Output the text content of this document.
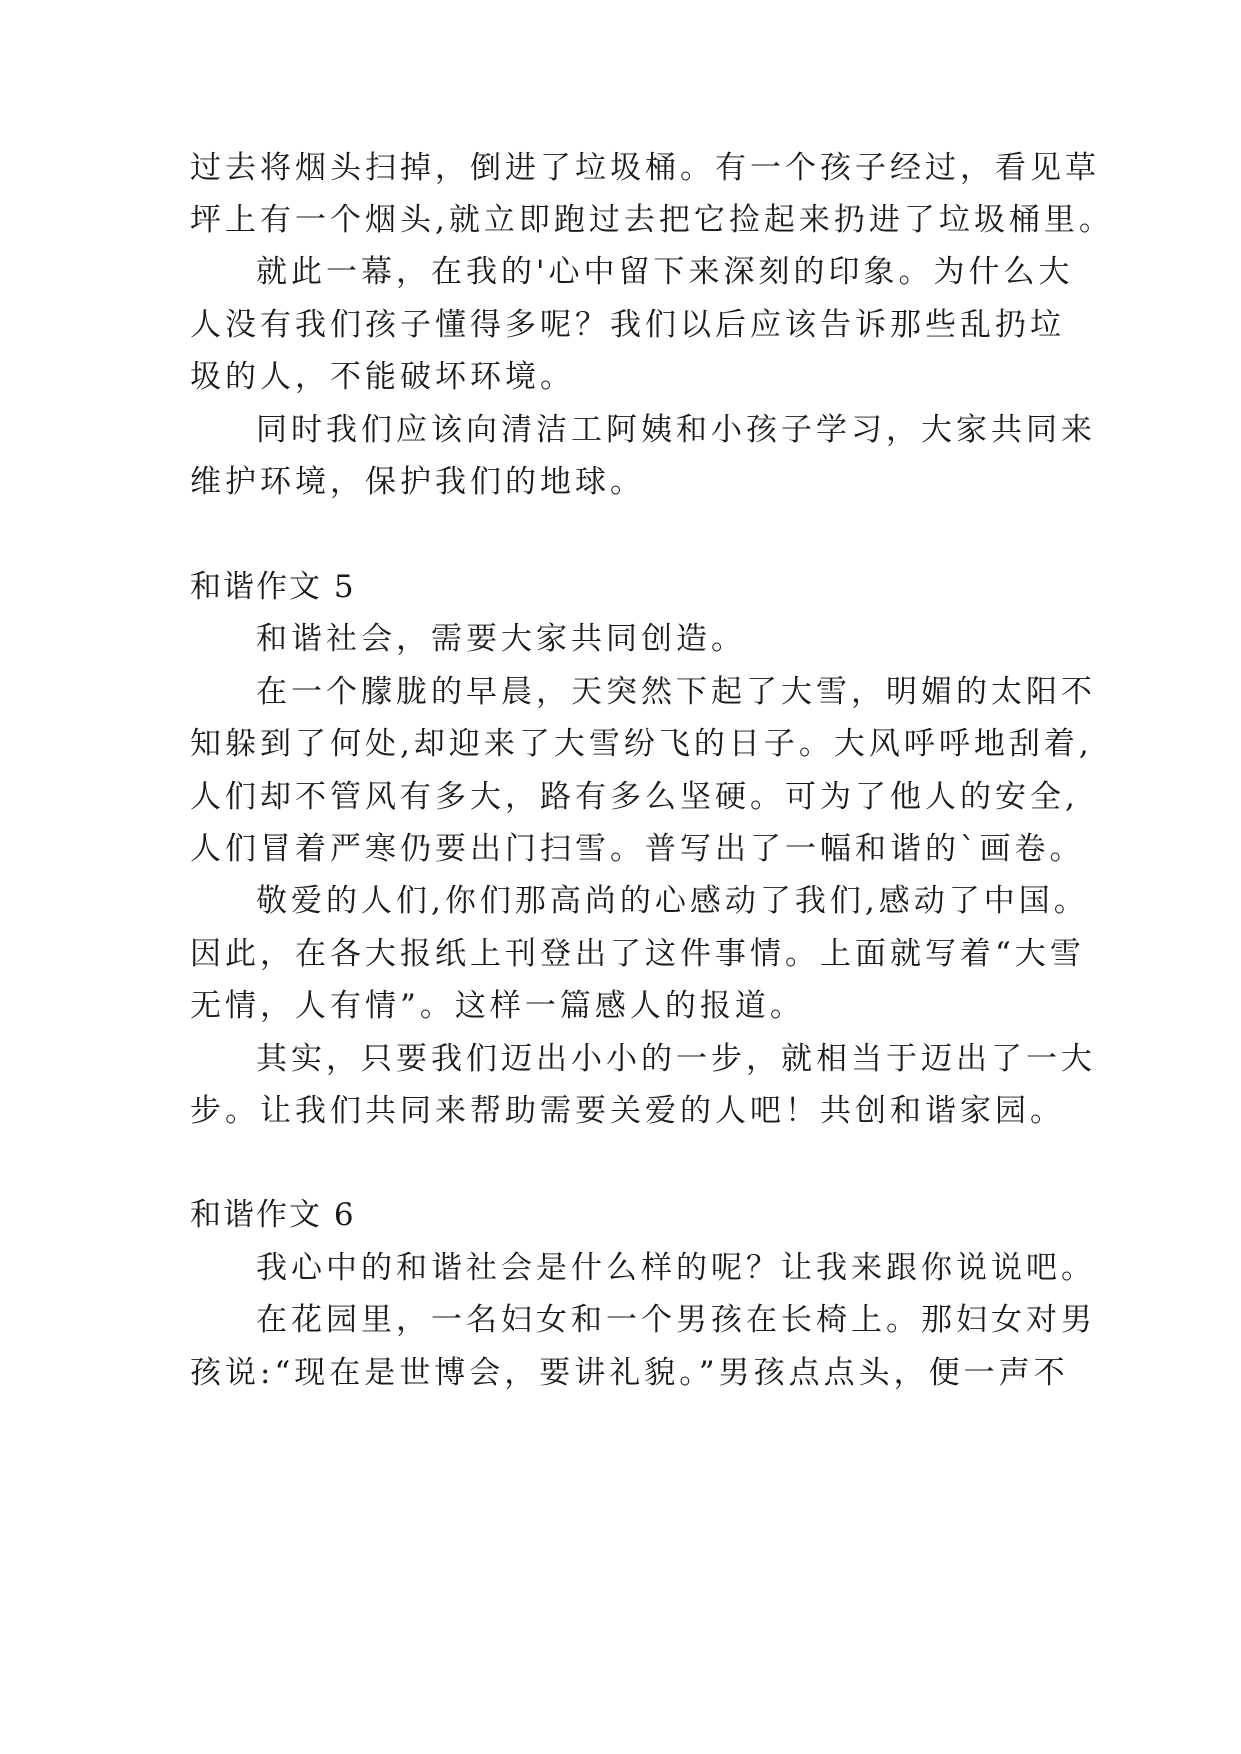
过去将烟头扫掉，倒进了垃圾桶。有一个孩子经过，看见草
坪上有一个烟头,就立即跑过去把它捡起来扔进了垃圾桶里。
就此一幕，在我的'心中留下来深刻的印象。为什么大
人没有我们孩子懂得多呢？我们以后应该告诉那些乱扔垃
圾的人，不能破坏环境。
同时我们应该向清洁工阿姨和小孩子学习，大家共同来
维护环境，保护我们的地球。
和谐作文 5
和谐社会，需要大家共同创造。
在一个朦胧的早晨，天突然下起了大雪，明媚的太阳不
知躲到了何处,却迎来了大雪纷飞的日子。大风呼呼地刮着,
人们却不管风有多大，路有多么坚硬。可为了他人的安全,
人们冒着严寒仍要出门扫雪。普写出了一幅和谐的`画卷。
敬爱的人们,你们那高尚的心感动了我们,感动了中国。
因此，在各大报纸上刊登出了这件事情。上面就写着“大雪
无情，人有情”。这样一篇感人的报道。
其实，只要我们迈出小小的一步，就相当于迈出了一大
步。让我们共同来帮助需要关爱的人吧！共创和谐家园。
和谐作文 6
我心中的和谐社会是什么样的呢？让我来跟你说说吧。
在花园里，一名妇女和一个男孩在长椅上。那妇女对男
孩说:“现在是世博会，要讲礼貌。”男孩点点头，便一声不
